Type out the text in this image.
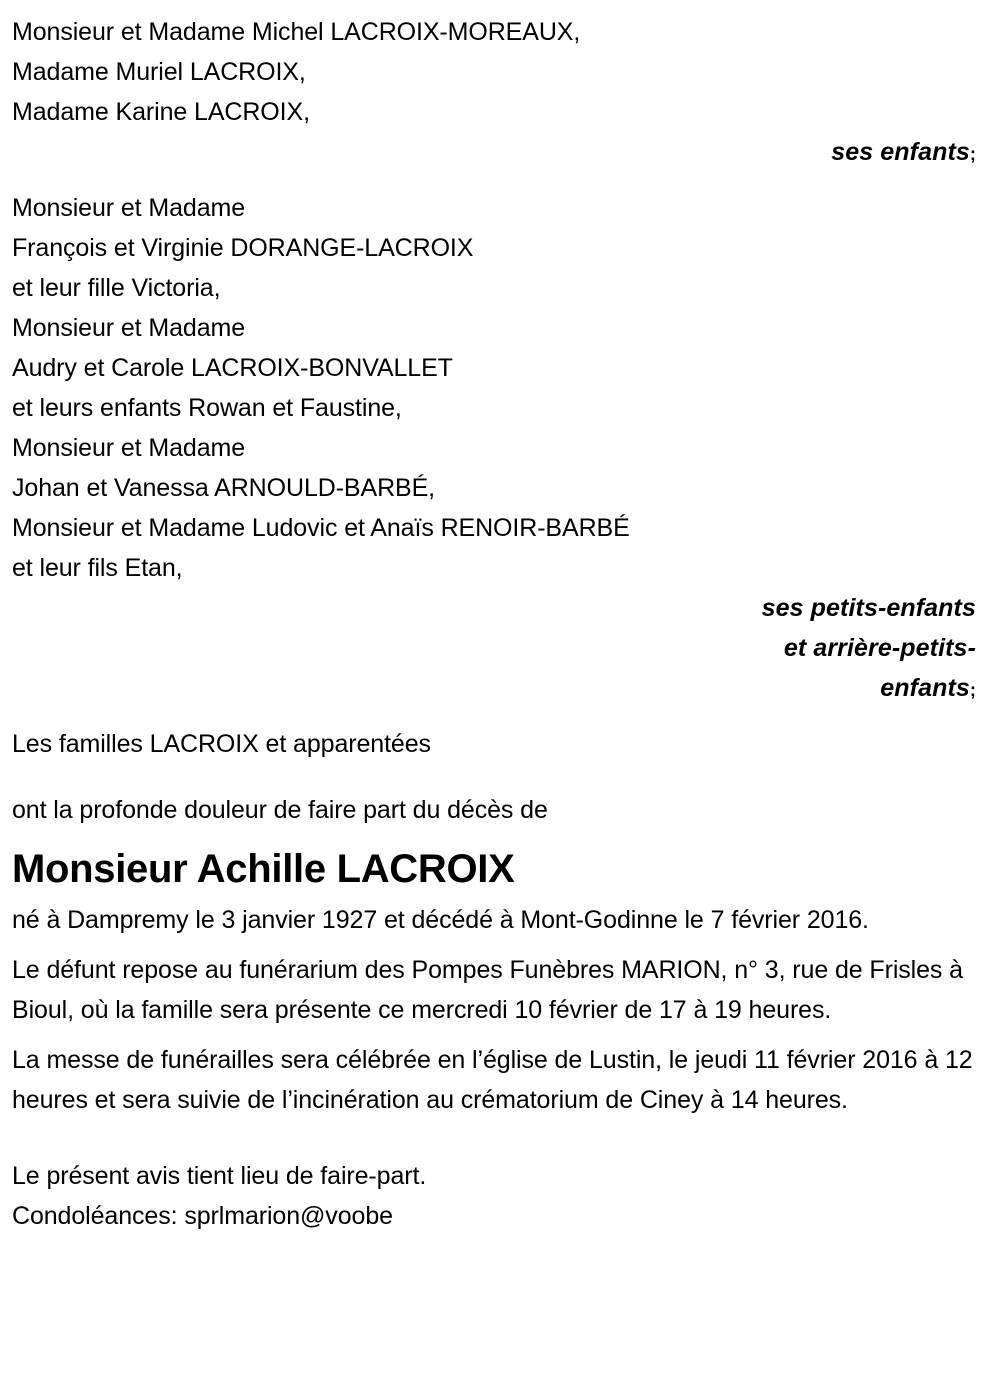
Monsieur et Madame Michel LACROIX-MOREAUX,
Madame Muriel LACROIX,
Madame Karine LACROIX,
ses enfants;
Monsieur et Madame
François et Virginie DORANGE-LACROIX
et leur fille Victoria,
Monsieur et Madame
Audry et Carole LACROIX-BONVALLET
et leurs enfants Rowan et Faustine,
Monsieur et Madame
Johan et Vanessa ARNOULD-BARBÉ,
Monsieur et Madame Ludovic et Anaïs RENOIR-BARBÉ
et leur fils Etan,
ses petits-enfants
et arrière-petits-
enfants;
Les familles LACROIX et apparentées
ont la profonde douleur de faire part du décès de
Monsieur Achille LACROIX

né à Dampremy le 3 janvier 1927 et décédé à Mont-Godinne le 7 février 2016.

Le défunt repose au funérarium des Pompes Funèbres MARION, n° 3, rue de Frisles à Bioul, où la famille sera présente ce mercredi 10 février de 17 à 19 heures.

La messe de funérailles sera célébrée en l’église de Lustin, le jeudi 11 février 2016 à 12 heures et sera suivie de l’incinération au crématorium de Ciney à 14 heures.

Le présent avis tient lieu de faire-part.
Condoléances: sprlmarion@voobe
